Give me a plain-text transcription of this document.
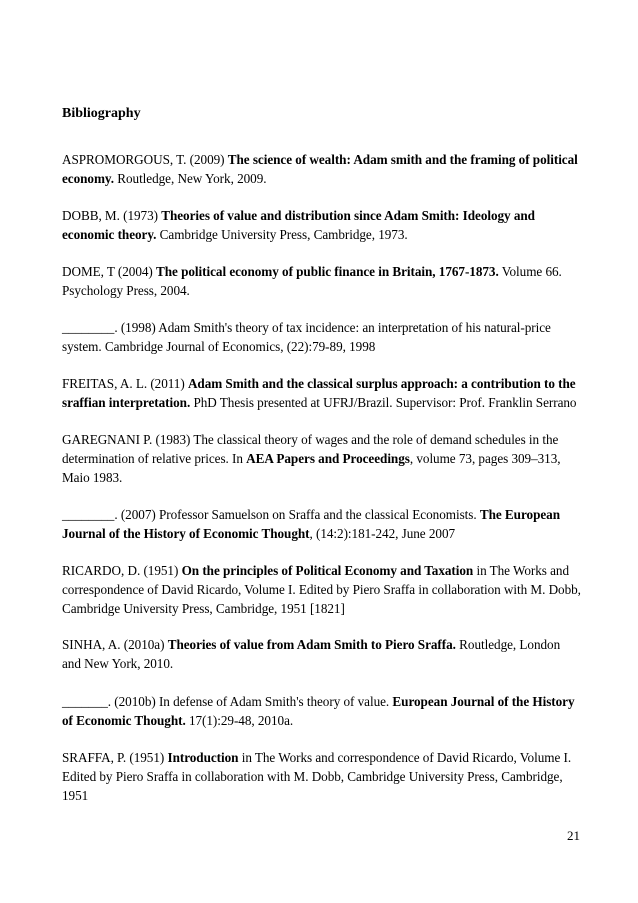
Bibliography

ASPROMORGOUS, T. (2009) The science of wealth: Adam smith and the framing of political economy. Routledge, New York, 2009.

DOBB, M. (1973) Theories of value and distribution since Adam Smith: Ideology and economic theory. Cambridge University Press, Cambridge, 1973.

DOME, T (2004) The political economy of public finance in Britain, 1767-1873. Volume 66. Psychology Press, 2004.

________. (1998) Adam Smith's theory of tax incidence: an interpretation of his natural-price system. Cambridge Journal of Economics, (22):79-89, 1998

FREITAS, A. L. (2011) Adam Smith and the classical surplus approach: a contribution to the sraffian interpretation. PhD Thesis presented at UFRJ/Brazil. Supervisor: Prof. Franklin Serrano

GAREGNANI P. (1983) The classical theory of wages and the role of demand schedules in the determination of relative prices. In AEA Papers and Proceedings, volume 73, pages 309–313, Maio 1983.

________. (2007) Professor Samuelson on Sraffa and the classical Economists. The European Journal of the History of Economic Thought, (14:2):181-242, June 2007

RICARDO, D. (1951) On the principles of Political Economy and Taxation in The Works and correspondence of David Ricardo, Volume I. Edited by Piero Sraffa in collaboration with M. Dobb, Cambridge University Press, Cambridge, 1951 [1821]

SINHA, A. (2010a) Theories of value from Adam Smith to Piero Sraffa. Routledge, London and New York, 2010.

_______. (2010b) In defense of Adam Smith's theory of value. European Journal of the History of Economic Thought. 17(1):29-48, 2010a.

SRAFFA, P. (1951) Introduction in The Works and correspondence of David Ricardo, Volume I. Edited by Piero Sraffa in collaboration with M. Dobb, Cambridge University Press, Cambridge, 1951

21
